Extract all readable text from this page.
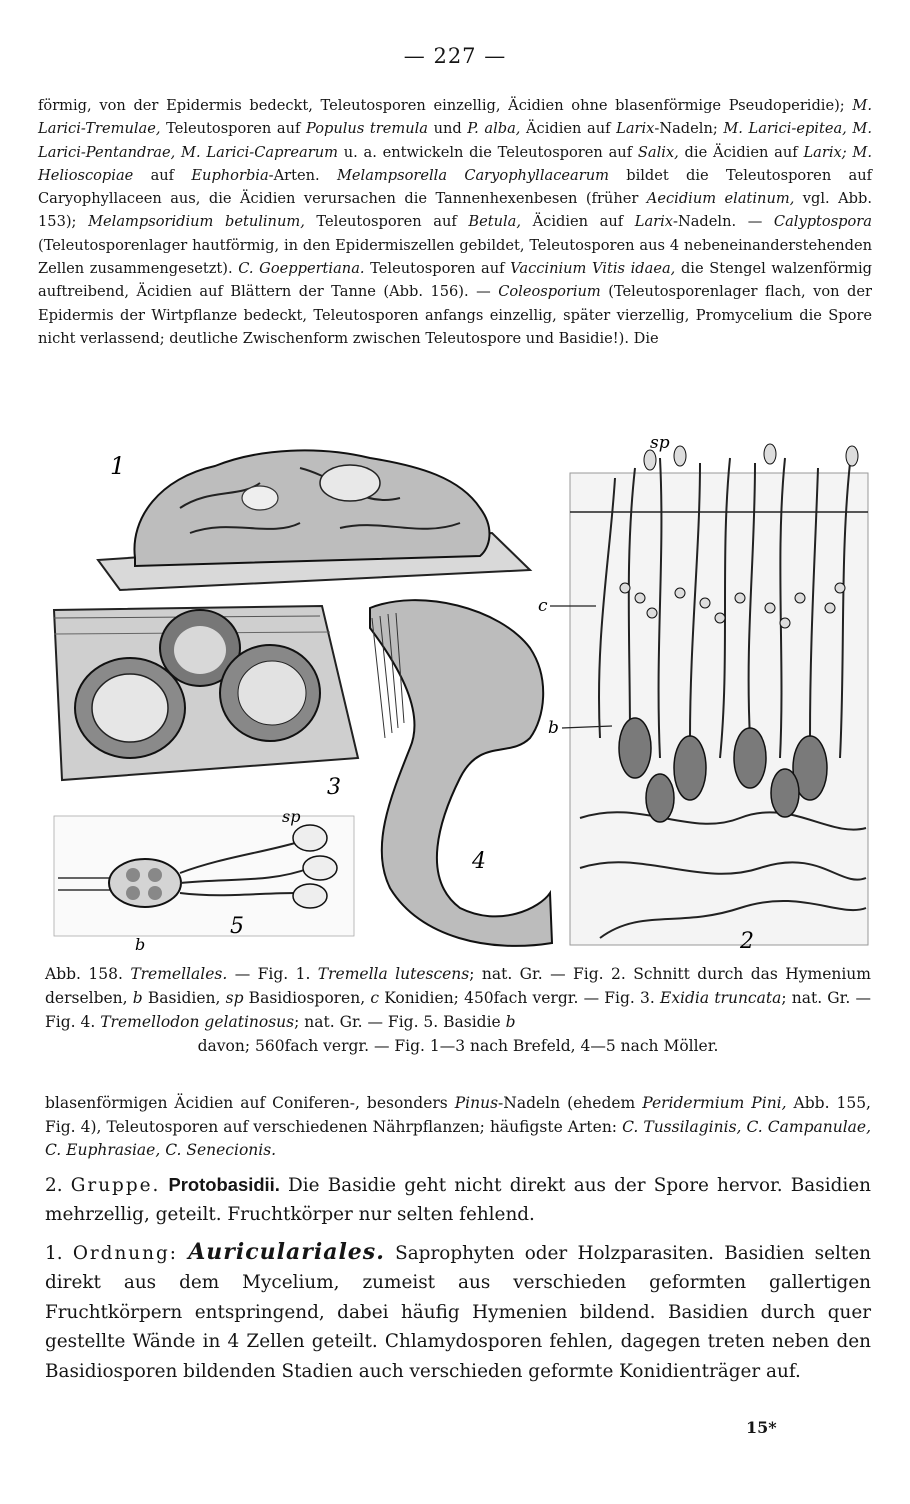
— 227 —
förmig, von der Epidermis bedeckt, Teleutosporen einzellig, Äcidien ohne blasenförmige Pseudoperidie); M. Larici-Tremulae, Teleutosporen auf Populus tremula und P. alba, Äcidien auf Larix-Nadeln; M. Larici-epitea, M. Larici-Pentandrae, M. Larici-Caprearum u. a. entwickeln die Teleutosporen auf Salix, die Äcidien auf Larix; M. Helioscopiae auf Euphorbia-Arten. Melampsorella Caryophyllacearum bildet die Teleutosporen auf Caryophyllaceen aus, die Äcidien verursachen die Tannenhexenbesen (früher Aecidium elatinum, vgl. Abb. 153); Melampsoridium betulinum, Teleutosporen auf Betula, Äcidien auf Larix-Nadeln. — Calyptospora (Teleutosporenlager hautförmig, in den Epidermiszellen gebildet, Teleutosporen aus 4 nebeneinanderstehenden Zellen zusammengesetzt). C. Goeppertiana. Teleutosporen auf Vaccinium Vitis idaea, die Stengel walzenförmig auftreibend, Äcidien auf Blättern der Tanne (Abb. 156). — Coleosporium (Teleutosporenlager flach, von der Epidermis der Wirtpflanze bedeckt, Teleutosporen anfangs einzellig, später vierzellig, Promycelium die Spore nicht verlassend; deutliche Zwischenform zwischen Teleutospore und Basidie!). Die
1
3
4
2
sp
c
b
sp
b
5
Abb. 158. Tremellales. — Fig. 1. Tremella lutescens; nat. Gr. — Fig. 2. Schnitt durch das Hymenium derselben, b Basidien, sp Basidiosporen, c Konidien; 450fach vergr. — Fig. 3. Exidia truncata; nat. Gr. — Fig. 4. Tremellodon gelatinosus; nat. Gr. — Fig. 5. Basidie b
davon; 560fach vergr. — Fig. 1—3 nach Brefeld, 4—5 nach Möller.
blasenförmigen Äcidien auf Coniferen-, besonders Pinus-Nadeln (ehedem Peridermium Pini, Abb. 155, Fig. 4), Teleutosporen auf verschiedenen Nährpflanzen; häufigste Arten: C. Tussilaginis, C. Campanulae, C. Euphrasiae, C. Senecionis.
2. Gruppe. Protobasidii. Die Basidie geht nicht direkt aus der Spore hervor. Basidien mehrzellig, geteilt. Fruchtkörper nur selten fehlend.
1. Ordnung: Auriculariales. Saprophyten oder Holzparasiten. Basidien selten direkt aus dem Mycelium, zumeist aus verschieden geformten gallertigen Fruchtkörpern entspringend, dabei häufig Hymenien bildend. Basidien durch quer gestellte Wände in 4 Zellen geteilt. Chlamydosporen fehlen, dagegen treten neben den Basidiosporen bildenden Stadien auch verschieden geformte Konidienträger auf.
15*
